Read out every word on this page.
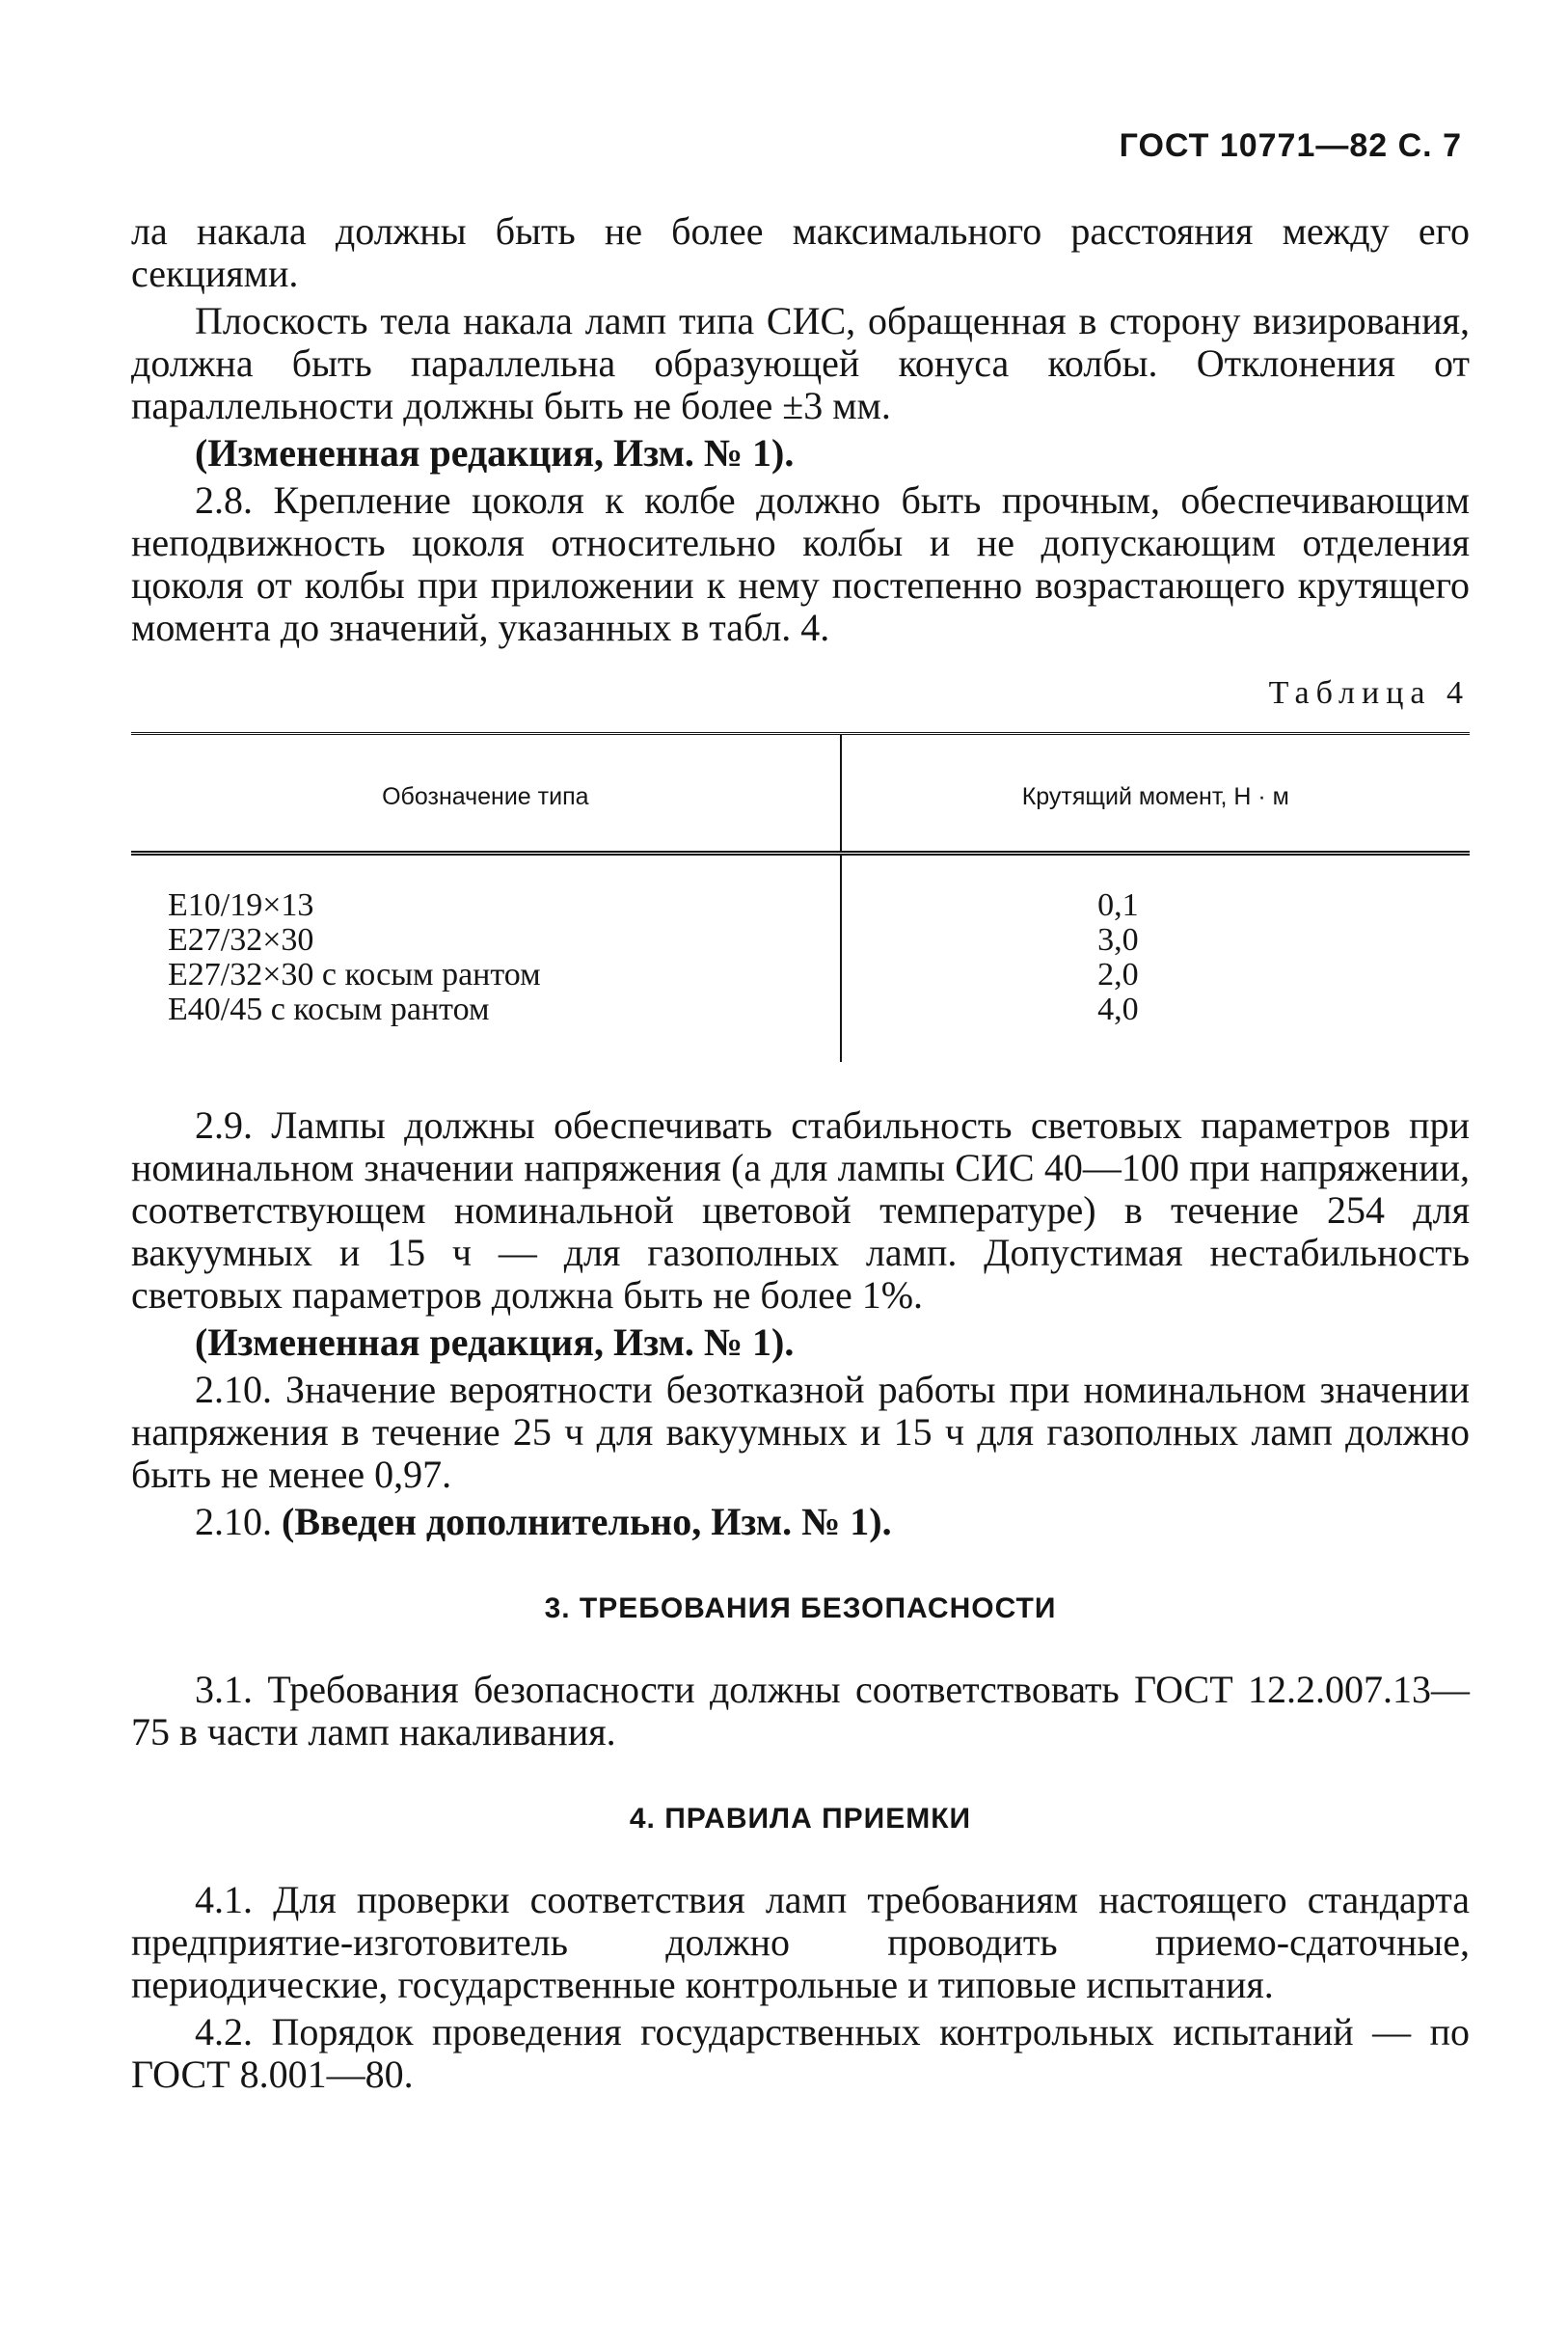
ГОСТ 10771—82 С. 7

ла накала должны быть не более максимального расстояния между его секциями.

Плоскость тела накала ламп типа СИС, обращенная в сторону визирования, должна быть параллельна образующей конуса колбы. Отклонения от параллельности должны быть не более ±3 мм.

(Измененная редакция, Изм. № 1).

2.8. Крепление цоколя к колбе должно быть прочным, обеспечивающим неподвижность цоколя относительно колбы и не допускающим отделения цоколя от колбы при приложении к нему постепенно возрастающего крутящего момента до значений, указанных в табл. 4.

Таблица 4
Обозначение типа	Крутящий момент, Н · м
E10/19×13	0,1
E27/32×30	3,0
E27/32×30 с косым рантом	2,0
E40/45 с косым рантом	4,0

2.9. Лампы должны обеспечивать стабильность световых параметров при номинальном значении напряжения (а для лампы СИС 40—100 при напряжении, соответствующем номинальной цветовой температуре) в течение 254 для вакуумных и 15 ч — для газополных ламп. Допустимая нестабильность световых параметров должна быть не более 1%.

(Измененная редакция, Изм. № 1).

2.10. Значение вероятности безотказной работы при номинальном значении напряжения в течение 25 ч для вакуумных и 15 ч для газополных ламп должно быть не менее 0,97.

2.10. (Введен дополнительно, Изм. № 1).

3. ТРЕБОВАНИЯ БЕЗОПАСНОСТИ

3.1. Требования безопасности должны соответствовать ГОСТ 12.2.007.13—75 в части ламп накаливания.

4. ПРАВИЛА ПРИЕМКИ

4.1. Для проверки соответствия ламп требованиям настоящего стандарта предприятие-изготовитель должно проводить приемо-сдаточные, периодические, государственные контрольные и типовые испытания.

4.2. Порядок проведения государственных контрольных испытаний — по ГОСТ 8.001—80.
